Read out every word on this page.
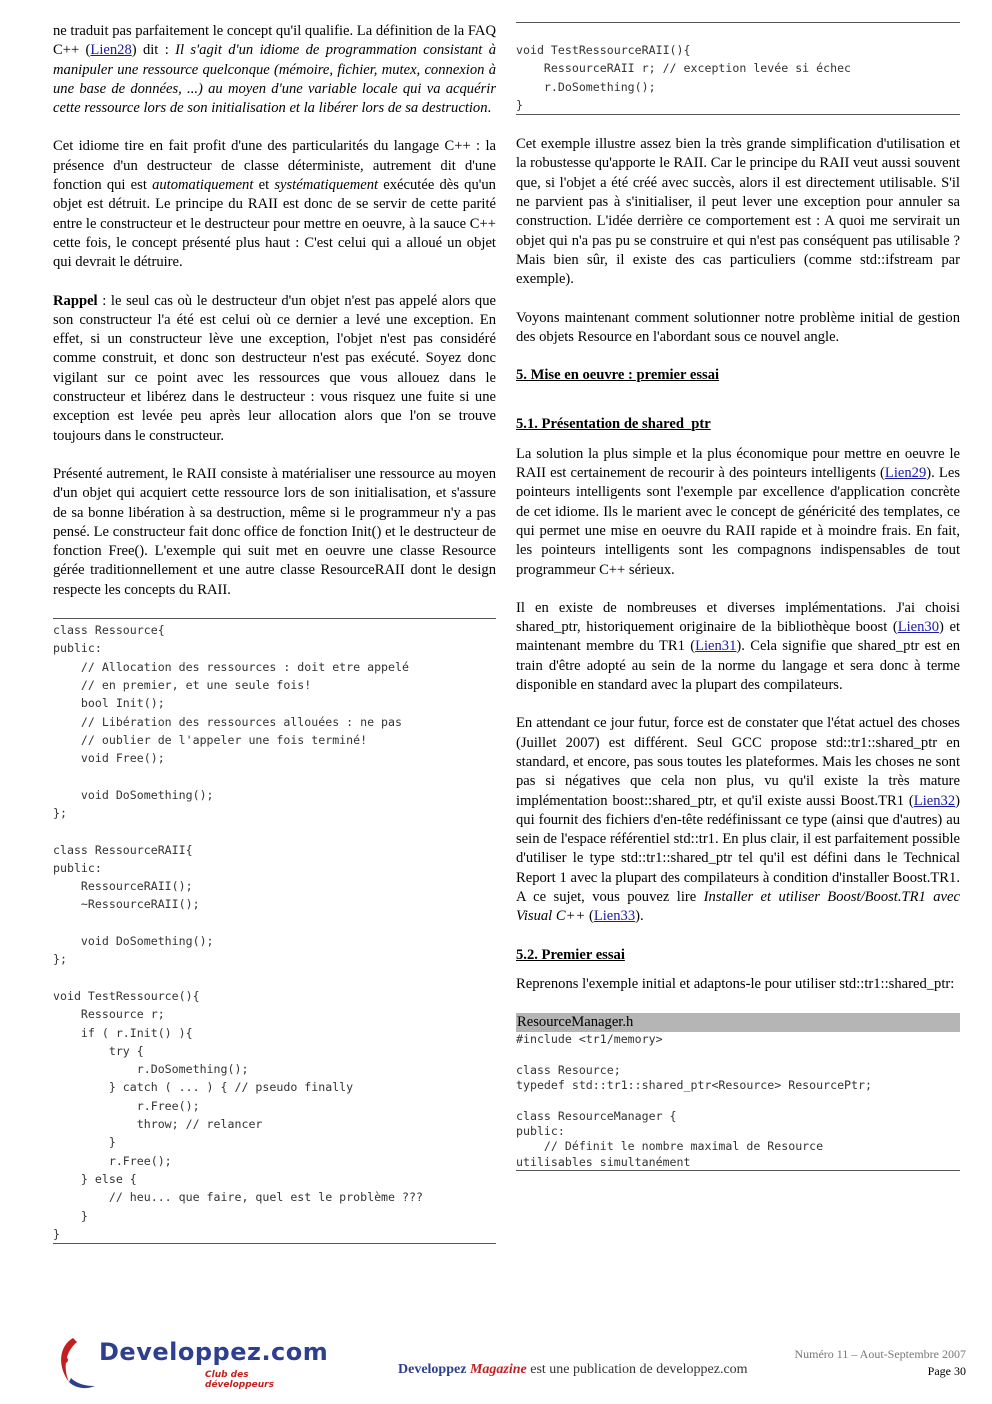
ne traduit pas parfaitement le concept qu'il qualifie. La définition de la FAQ C++ (Lien28) dit : Il s'agit d'un idiome de programmation consistant à manipuler une ressource quelconque (mémoire, fichier, mutex, connexion à une base de données, ...) au moyen d'une variable locale qui va acquérir cette ressource lors de son initialisation et la libérer lors de sa destruction.

Cet idiome tire en fait profit d'une des particularités du langage C++ : la présence d'un destructeur de classe déterministe, autrement dit d'une fonction qui est automatiquement et systématiquement exécutée dès qu'un objet est détruit. Le principe du RAII est donc de se servir de cette parité entre le constructeur et le destructeur pour mettre en oeuvre, à la sauce C++ cette fois, le concept présenté plus haut : C'est celui qui a alloué un objet qui devrait le détruire.

Rappel : le seul cas où le destructeur d'un objet n'est pas appelé alors que son constructeur l'a été est celui où ce dernier a levé une exception. En effet, si un constructeur lève une exception, l'objet n'est pas considéré comme construit, et donc son destructeur n'est pas exécuté. Soyez donc vigilant sur ce point avec les ressources que vous allouez dans le constructeur et libérez dans le destructeur : vous risquez une fuite si une exception est levée peu après leur allocation alors que l'on se trouve toujours dans le constructeur.

Présenté autrement, le RAII consiste à matérialiser une ressource au moyen d'un objet qui acquiert cette ressource lors de son initialisation, et s'assure de sa bonne libération à sa destruction, même si le programmeur n'y a pas pensé. Le constructeur fait donc office de fonction Init() et le destructeur de fonction Free(). L'exemple qui suit met en oeuvre une classe Resource gérée traditionnellement et une autre classe ResourceRAII dont le design respecte les concepts du RAII.

class Ressource{
public:
// Allocation des ressources : doit etre appelé
// en premier, et une seule fois!
bool Init();
// Libération des ressources allouées : ne pas
// oublier de l'appeler une fois terminé!
void Free();

void DoSomething();
};

class RessourceRAII{
public:
RessourceRAII();
~RessourceRAII();

void DoSomething();
};

void TestRessource(){
Ressource r;
if ( r.Init() ){
try {
r.DoSomething();
} catch ( ... ) { // pseudo finally
r.Free();
throw; // relancer
}
r.Free();
} else {
// heu... que faire, quel est le problème ???
}
}
void TestRessourceRAII(){
RessourceRAII r; // exception levée si échec
r.DoSomething();
}

Cet exemple illustre assez bien la très grande simplification d'utilisation et la robustesse qu'apporte le RAII. Car le principe du RAII veut aussi souvent que, si l'objet a été créé avec succès, alors il est directement utilisable. S'il ne parvient pas à s'initialiser, il peut lever une exception pour annuler sa construction. L'idée derrière ce comportement est : A quoi me servirait un objet qui n'a pas pu se construire et qui n'est pas conséquent pas utilisable ? Mais bien sûr, il existe des cas particuliers (comme std::ifstream par exemple).

Voyons maintenant comment solutionner notre problème initial de gestion des objets Resource en l'abordant sous ce nouvel angle.

5. Mise en oeuvre : premier essai
5.1. Présentation de shared_ptr

La solution la plus simple et la plus économique pour mettre en oeuvre le RAII est certainement de recourir à des pointeurs intelligents (Lien29). Les pointeurs intelligents sont l'exemple par excellence d'application concrète de cet idiome. Ils le marient avec le concept de généricité des templates, ce qui permet une mise en oeuvre du RAII rapide et à moindre frais. En fait, les pointeurs intelligents sont les compagnons indispensables de tout programmeur C++ sérieux.

Il en existe de nombreuses et diverses implémentations. J'ai choisi shared_ptr, historiquement originaire de la bibliothèque boost (Lien30) et maintenant membre du TR1 (Lien31). Cela signifie que shared_ptr est en train d'être adopté au sein de la norme du langage et sera donc à terme disponible en standard avec la plupart des compilateurs.

En attendant ce jour futur, force est de constater que l'état actuel des choses (Juillet 2007) est différent. Seul GCC propose std::tr1::shared_ptr en standard, et encore, pas sous toutes les plateformes. Mais les choses ne sont pas si négatives que cela non plus, vu qu'il existe la très mature implémentation boost::shared_ptr, et qu'il existe aussi Boost.TR1 (Lien32) qui fournit des fichiers d'en-tête redéfinissant ce type (ainsi que d'autres) au sein de l'espace référentiel std::tr1. En plus clair, il est parfaitement possible d'utiliser le type std::tr1::shared_ptr tel qu'il est défini dans le Technical Report 1 avec la plupart des compilateurs à condition d'installer Boost.TR1. A ce sujet, vous pouvez lire Installer et utiliser Boost/Boost.TR1 avec Visual C++ (Lien33).

5.2. Premier essai

Reprenons l'exemple initial et adaptons-le pour utiliser std::tr1::shared_ptr:

ResourceManager.h
#include <tr1/memory>

class Resource;
typedef std::tr1::shared_ptr<Resource> ResourcePtr;

class ResourceManager {
public:
// Définit le nombre maximal de Resource
utilisables simultanément
Developpez.com
Club des développeurs
Numéro 11 – Aout-Septembre 2007
Developpez Magazine est une publication de developpez.com	Page 30
